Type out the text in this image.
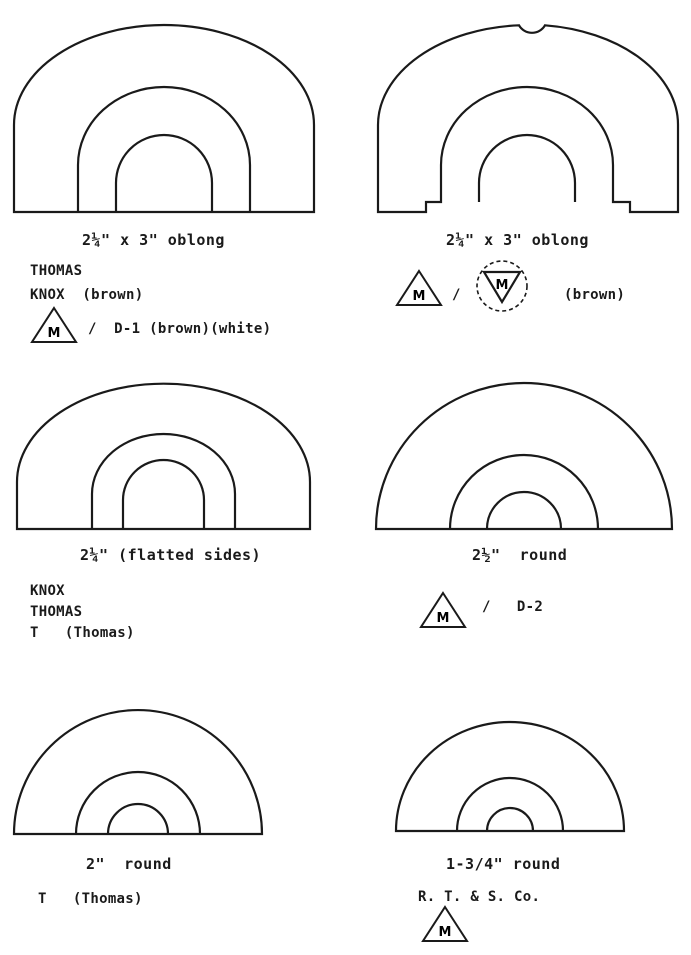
2¼" x 3" oblong	2¼" x 3" oblong
2¼" (flatted sides)	2½"  round
2"  round	1-3/4" round
THOMAS
KNOX  (brown)
M /  D-1 (brown)(white)
M /
M
(brown)
KNOX
THOMAS
T   (Thomas)
M
/   D-2
T   (Thomas)	R. T. & S. Co.
M
